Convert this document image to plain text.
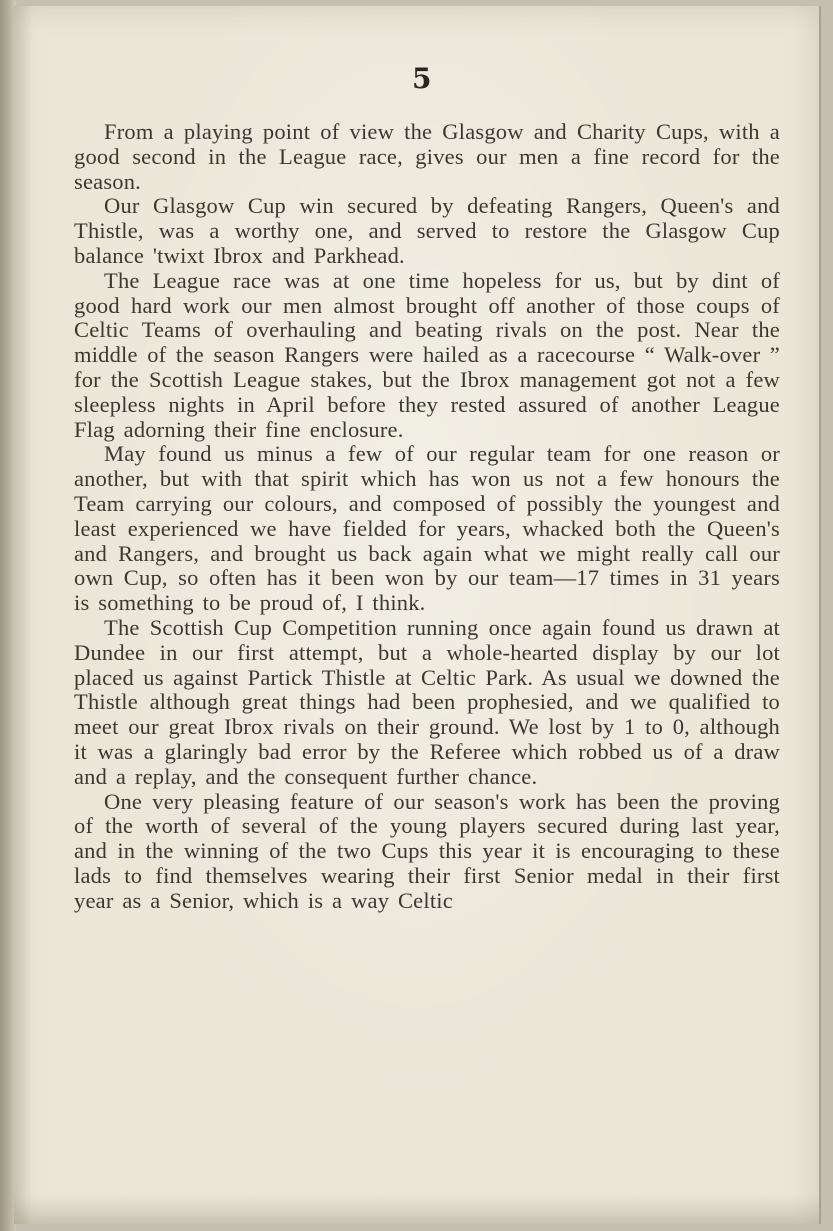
5

From a playing point of view the Glasgow and Charity Cups, with a good second in the League race, gives our men a fine record for the season.

Our Glasgow Cup win secured by defeating Rangers, Queen's and Thistle, was a worthy one, and served to restore the Glasgow Cup balance 'twixt Ibrox and Parkhead.

The League race was at one time hopeless for us, but by dint of good hard work our men almost brought off another of those coups of Celtic Teams of overhauling and beating rivals on the post. Near the middle of the season Rangers were hailed as a racecourse “ Walk-over ” for the Scottish League stakes, but the Ibrox management got not a few sleepless nights in April before they rested assured of another League Flag adorning their fine enclosure.

May found us minus a few of our regular team for one reason or another, but with that spirit which has won us not a few honours the Team carrying our colours, and composed of possibly the youngest and least experienced we have fielded for years, whacked both the Queen's and Rangers, and brought us back again what we might really call our own Cup, so often has it been won by our team—17 times in 31 years is something to be proud of, I think.

The Scottish Cup Competition running once again found us drawn at Dundee in our first attempt, but a whole-hearted display by our lot placed us against Partick Thistle at Celtic Park. As usual we downed the Thistle although great things had been prophesied, and we qualified to meet our great Ibrox rivals on their ground. We lost by 1 to 0, although it was a glaringly bad error by the Referee which robbed us of a draw and a replay, and the consequent further chance.

One very pleasing feature of our season's work has been the proving of the worth of several of the young players secured during last year, and in the winning of the two Cups this year it is encouraging to these lads to find themselves wearing their first Senior medal in their first year as a Senior, which is a way Celtic
